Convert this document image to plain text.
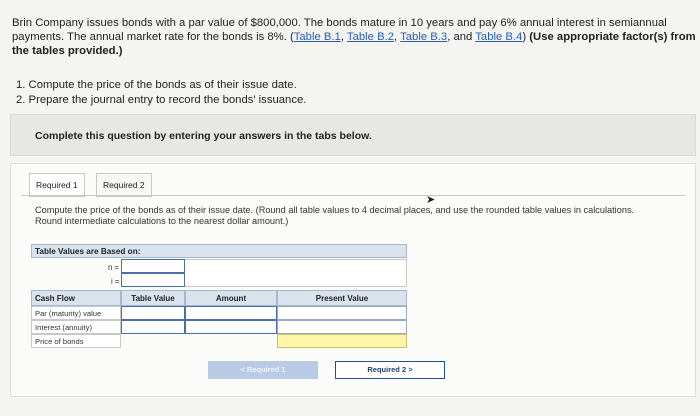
Brin Company issues bonds with a par value of $800,000. The bonds mature in 10 years and pay 6% annual interest in semiannual payments. The annual market rate for the bonds is 8%. (Table B.1, Table B.2, Table B.3, and Table B.4) (Use appropriate factor(s) from the tables provided.)
1. Compute the price of the bonds as of their issue date.
2. Prepare the journal entry to record the bonds' issuance.
Complete this question by entering your answers in the tabs below.
Required 1	Required 2
➤
Compute the price of the bonds as of their issue date. (Round all table values to 4 decimal places, and use the rounded table values in calculations. Round intermediate calculations to the nearest dollar amount.)
Table Values are Based on:
n =
i =
Cash Flow	Table Value	Amount	Present Value
Par (maturity) value
Interest (annuity)
Price of bonds
< Required 1	Required 2 >
